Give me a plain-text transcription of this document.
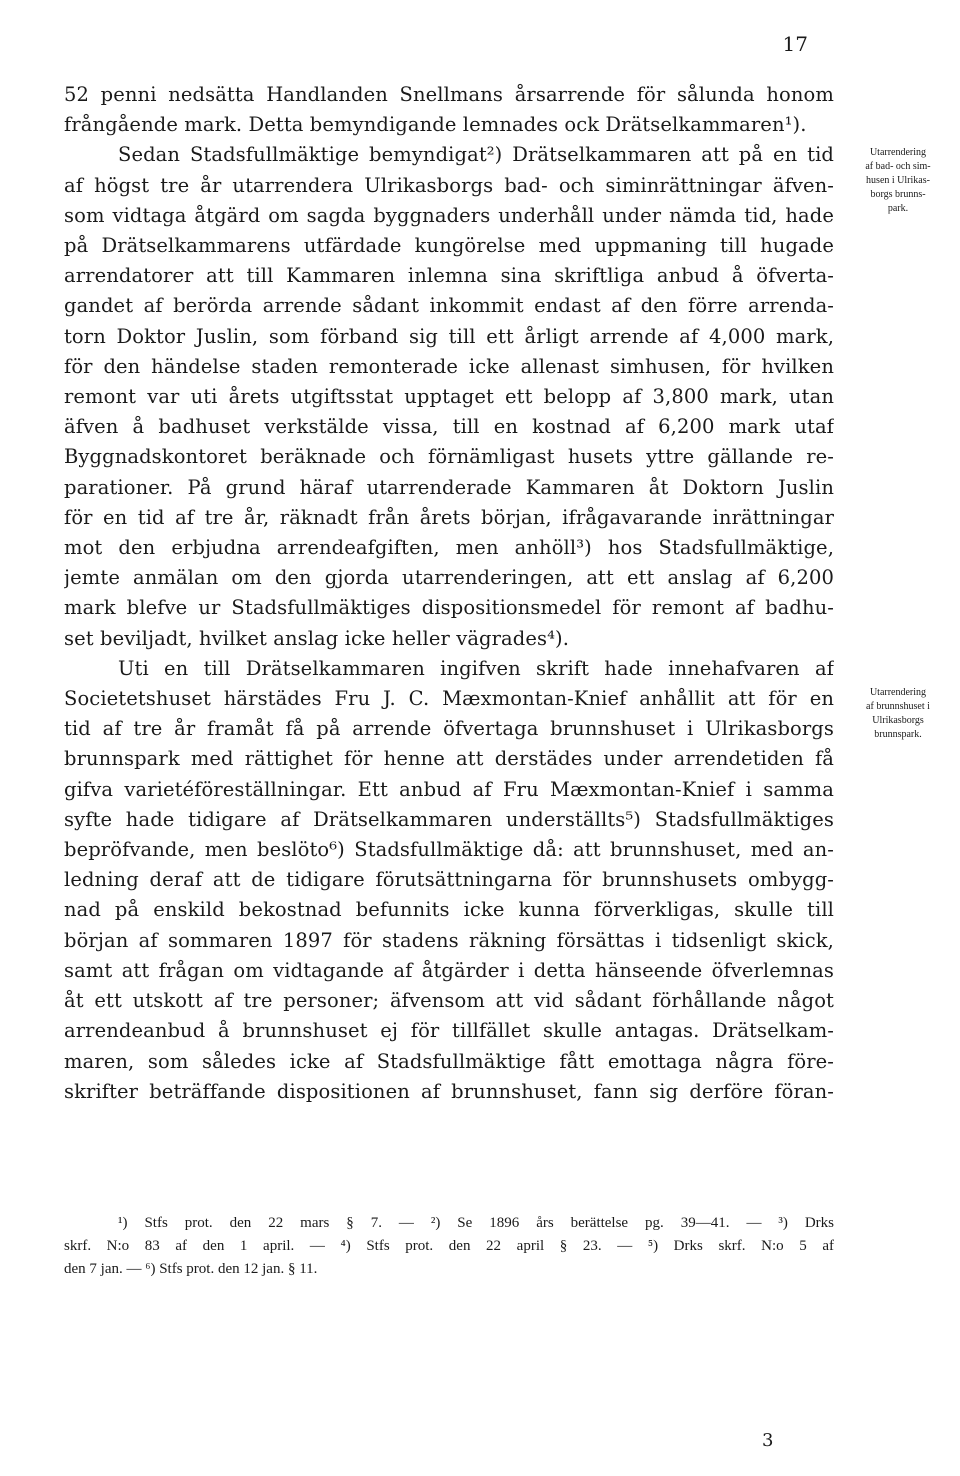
17
52 penni nedsätta Handlanden Snellmans årsarrende för sålunda honom
frångående mark. Detta bemyndigande lemnades ock Drätselkammaren¹).
Sedan Stadsfullmäktige bemyndigat²) Drätselkammaren att på en tid
af högst tre år utarrendera Ulrikasborgs bad- och siminrättningar äfven-
som vidtaga åtgärd om sagda byggnaders underhåll under nämda tid, hade
på Drätselkammarens utfärdade kungörelse med uppmaning till hugade
arrendatorer att till Kammaren inlemna sina skriftliga anbud å öfverta-
gandet af berörda arrende sådant inkommit endast af den förre arrenda-
torn Doktor Juslin, som förband sig till ett årligt arrende af 4,000 mark,
för den händelse staden remonterade icke allenast simhusen, för hvilken
remont var uti årets utgiftsstat upptaget ett belopp af 3,800 mark, utan
äfven å badhuset verkstälde vissa, till en kostnad af 6,200 mark utaf
Byggnadskontoret beräknade och förnämligast husets yttre gällande re-
parationer. På grund häraf utarrenderade Kammaren åt Doktorn Juslin
för en tid af tre år, räknadt från årets början, ifrågavarande inrättningar
mot den erbjudna arrendeafgiften, men anhöll³) hos Stadsfullmäktige,
jemte anmälan om den gjorda utarrenderingen, att ett anslag af 6,200
mark blefve ur Stadsfullmäktiges dispositionsmedel för remont af badhu-
set beviljadt, hvilket anslag icke heller vägrades⁴).
Uti en till Drätselkammaren ingifven skrift hade innehafvaren af
Societetshuset härstädes Fru J. C. Mæxmontan-Knief anhållit att för en
tid af tre år framåt få på arrende öfvertaga brunnshuset i Ulrikasborgs
brunnspark med rättighet för henne att derstädes under arrendetiden få
gifva varietéföreställningar. Ett anbud af Fru Mæxmontan-Knief i samma
syfte hade tidigare af Drätselkammaren underställts⁵) Stadsfullmäktiges
bepröfvande, men beslöto⁶) Stadsfullmäktige då: att brunnshuset, med an-
ledning deraf att de tidigare förutsättningarna för brunnshusets ombygg-
nad på enskild bekostnad befunnits icke kunna förverkligas, skulle till
början af sommaren 1897 för stadens räkning försättas i tidsenligt skick,
samt att frågan om vidtagande af åtgärder i detta hänseende öfverlemnas
åt ett utskott af tre personer; äfvensom att vid sådant förhållande något
arrendeanbud å brunnshuset ej för tillfället skulle antagas. Drätselkam-
maren, som således icke af Stadsfullmäktige fått emottaga några före-
skrifter beträffande dispositionen af brunnshuset, fann sig derföre föran-
Utarrendering
af bad- och sim-
husen i Ulrikas-
borgs brunns-
park.
Utarrendering
af brunnshuset i
Ulrikasborgs
brunnspark.
¹) Stfs prot. den 22 mars § 7. — ²) Se 1896 års berättelse pg. 39—41. — ³) Drks
skrf. N:o 83 af den 1 april. — ⁴) Stfs prot. den 22 april § 23. — ⁵) Drks skrf. N:o 5 af
den 7 jan. — ⁶) Stfs prot. den 12 jan. § 11.
3
